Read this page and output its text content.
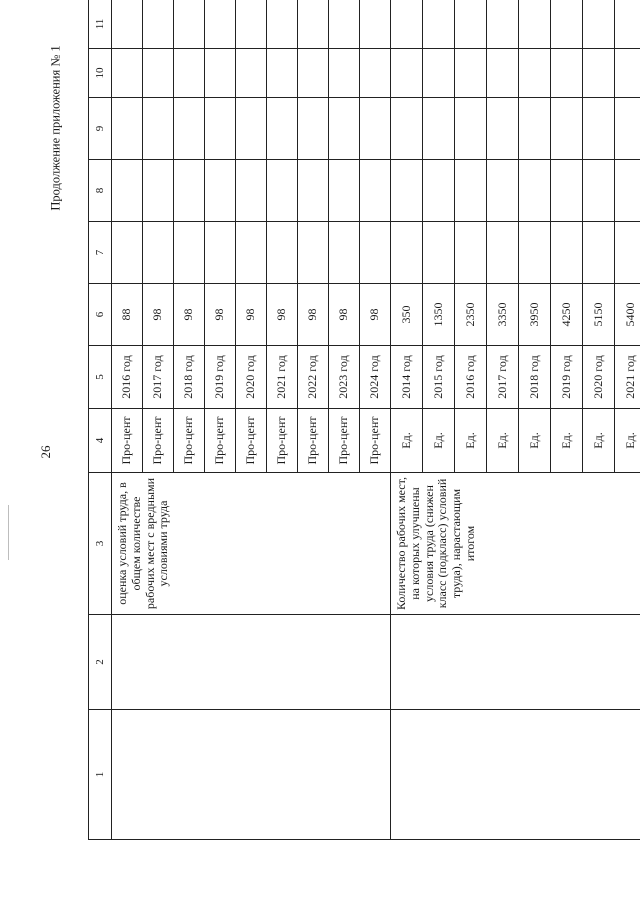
26
Продолжение приложения № 1
1	2	3	4	5	6	7	8	9	10	11
		оценка условий труда, в общем количестве рабочих мест с вредными условиями труда	Про-цент	2016 год	88					
			Про-цент	2017 год	98					
			Про-цент	2018 год	98					
			Про-цент	2019 год	98					
			Про-цент	2020 год	98					
			Про-цент	2021 год	98					
			Про-цент	2022 год	98					
			Про-цент	2023 год	98					
			Про-цент	2024 год	98					
		Количество рабочих мест, на которых улучшены условия труда (снижен класс (подкласс) условий труда), нарастающим итогом	Ед.	2014 год	350					
			Ед.	2015 год	1350					
			Ед.	2016 год	2350					
			Ед.	2017 год	3350					
			Ед.	2018 год	3950					
			Ед.	2019 год	4250					
			Ед.	2020 год	5150					
			Ед.	2021 год	5400					
